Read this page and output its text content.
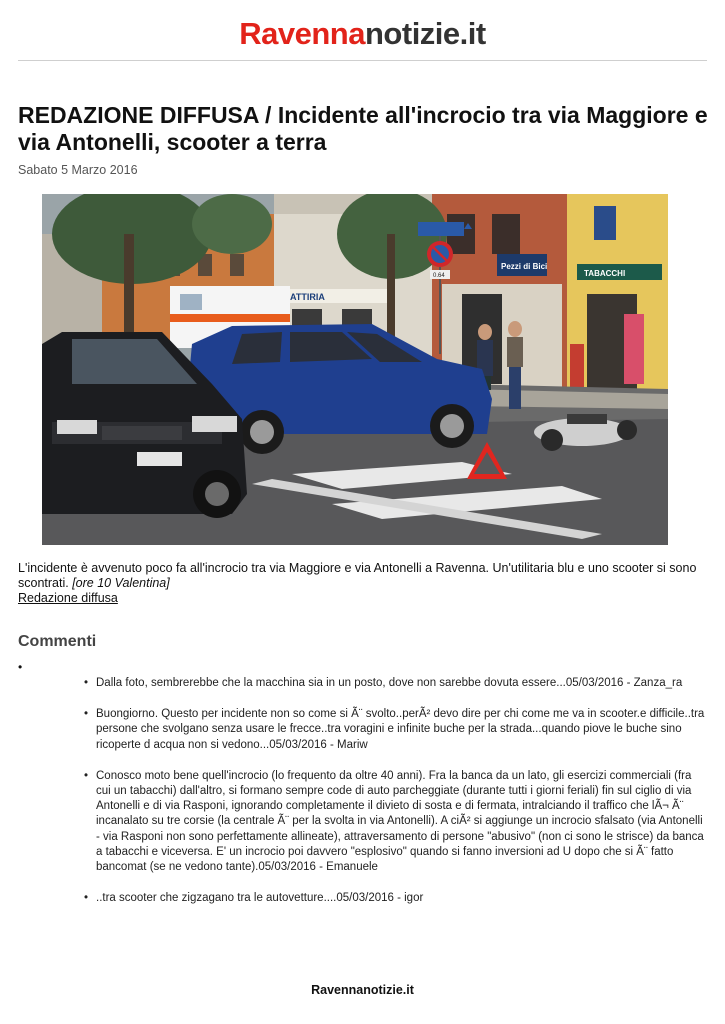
Ravennanotizie.it
REDAZIONE DIFFUSA / Incidente all'incrocio tra via Maggiore e via Antonelli, scooter a terra
Sabato 5 Marzo 2016
ATTIRIA
Pezzi di Bici
TABACCHI
0.64
L'incidente è avvenuto poco fa all'incrocio tra via Maggiore e via Antonelli a Ravenna. Un'utilitaria blu e uno scooter si sono scontrati. [ore 10 Valentina]
Redazione diffusa
Commenti
•
• Dalla foto, sembrerebbe che la macchina sia in un posto, dove non sarebbe dovuta essere...05/03/2016 - Zanza_ra
• Buongiorno. Questo per incidente non so come si Ã¨ svolto..perÃ² devo dire per chi come me va in scooter.e difficile..tra persone che svolgano senza usare le frecce..tra voragini e infinite buche per la strada...quando piove le buche sino ricoperte d acqua non si vedono...05/03/2016 - Mariw
• Conosco moto bene quell'incrocio (lo frequento da oltre 40 anni). Fra la banca da un lato, gli esercizi commerciali (fra cui un tabacchi) dall'altro, si formano sempre code di auto parcheggiate (durante tutti i giorni feriali) fin sul ciglio di via Antonelli e di via Rasponi, ignorando completamente il divieto di sosta e di fermata, intralciando il traffico che lÃ¬ Ã¨ incanalato su tre corsie (la centrale Ã¨ per la svolta in via Antonelli). A ciÃ² si aggiunge un incrocio sfalsato (via Antonelli - via Rasponi non sono perfettamente allineate), attraversamento di persone "abusivo" (non ci sono le strisce) da banca a tabacchi e viceversa. E' un incrocio poi davvero "esplosivo" quando si fanno inversioni ad U dopo che si Ã¨ fatto bancomat (se ne vedono tante).05/03/2016 - Emanuele
• ..tra scooter che zigzagano tra le autovetture....05/03/2016 - igor
Ravennanotizie.it
